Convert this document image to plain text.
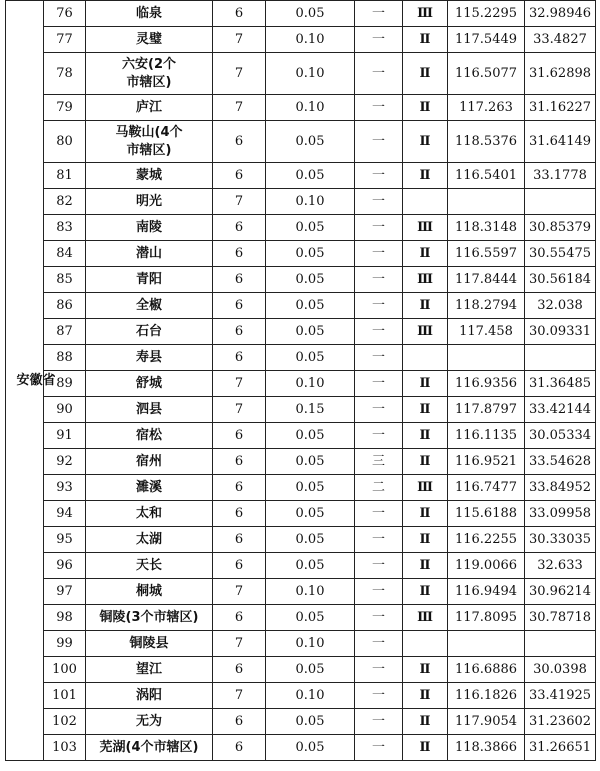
安徽省	76	临泉	6	0.05	一	Ⅲ	115.2295	32.98946
	77	灵璧	7	0.10	一	Ⅱ	117.5449	33.4827
	78	六安(2个
市辖区)	7	0.10	一	Ⅱ	116.5077	31.62898
	79	庐江	7	0.10	一	Ⅱ	117.263	31.16227
	80	马鞍山(4个
市辖区)	6	0.05	一	Ⅱ	118.5376	31.64149
	81	蒙城	6	0.05	一	Ⅱ	116.5401	33.1778
	82	明光	7	0.10	一			
	83	南陵	6	0.05	一	Ⅲ	118.3148	30.85379
	84	潜山	6	0.05	一	Ⅱ	116.5597	30.55475
	85	青阳	6	0.05	一	Ⅲ	117.8444	30.56184
	86	全椒	6	0.05	一	Ⅱ	118.2794	32.038
	87	石台	6	0.05	一	Ⅲ	117.458	30.09331
	88	寿县	6	0.05	一			
	89	舒城	7	0.10	一	Ⅱ	116.9356	31.36485
	90	泗县	7	0.15	一	Ⅱ	117.8797	33.42144
	91	宿松	6	0.05	一	Ⅱ	116.1135	30.05334
	92	宿州	6	0.05	三	Ⅱ	116.9521	33.54628
	93	濉溪	6	0.05	二	Ⅲ	116.7477	33.84952
	94	太和	6	0.05	一	Ⅱ	115.6188	33.09958
	95	太湖	6	0.05	一	Ⅱ	116.2255	30.33035
	96	天长	6	0.05	一	Ⅱ	119.0066	32.633
	97	桐城	7	0.10	一	Ⅱ	116.9494	30.96214
	98	铜陵(3个市辖区)	6	0.05	一	Ⅲ	117.8095	30.78718
	99	铜陵县	7	0.10	一			
	100	望江	6	0.05	一	Ⅱ	116.6886	30.0398
	101	涡阳	7	0.10	一	Ⅱ	116.1826	33.41925
	102	无为	6	0.05	一	Ⅱ	117.9054	31.23602
	103	芜湖(4个市辖区)	6	0.05	一	Ⅱ	118.3866	31.26651
